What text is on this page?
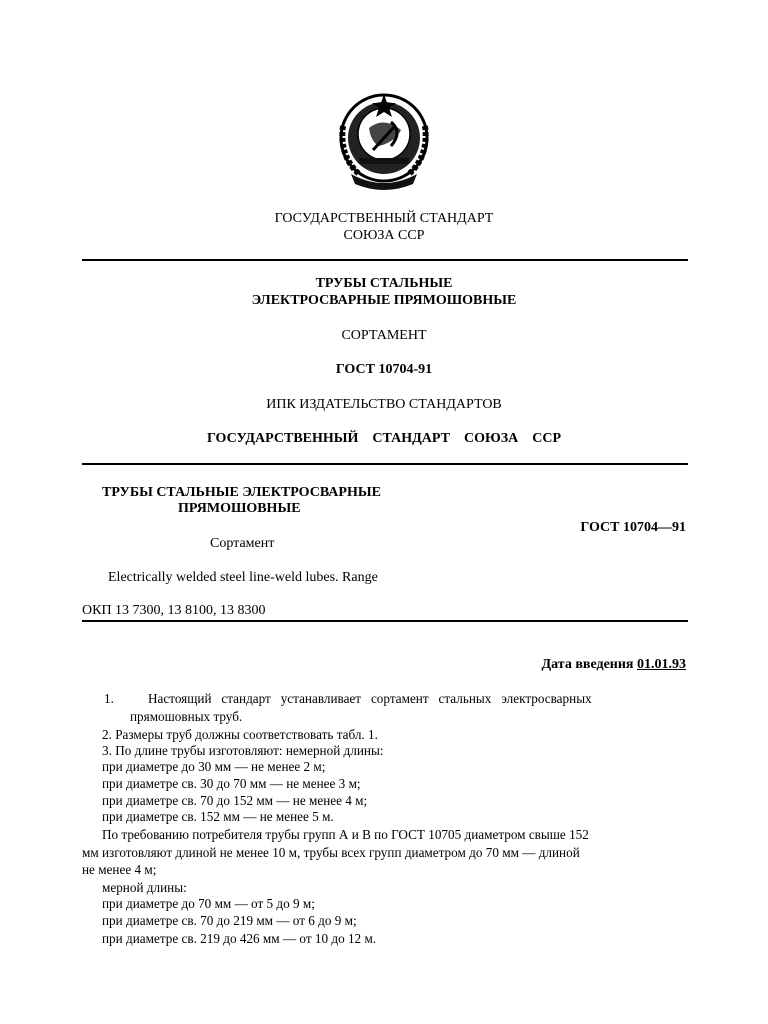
ГОСУДАРСТВЕННЫЙ СТАНДАРТ
СОЮЗА ССР
ТРУБЫ СТАЛЬНЫЕ
ЭЛЕКТРОСВАРНЫЕ ПРЯМОШОВНЫЕ
СОРТАМЕНТ
ГОСТ 10704-91
ИПК ИЗДАТЕЛЬСТВО СТАНДАРТОВ
ГОСУДАРСТВЕННЫЙ    СТАНДАРТ    СОЮЗА    ССР
ТРУБЫ СТАЛЬНЫЕ ЭЛЕКТРОСВАРНЫЕ
ПРЯМОШОВНЫЕ
ГОСТ 10704—91
Сортамент
Electrically welded steel line-weld lubes. Range
ОКП 13 7300, 13 8100, 13 8300
Дата введения 01.01.93
1.	Настоящий   стандарт   устанавливает   сортамент   стальных   электросварных
прямошовных труб.
2. Размеры труб должны соответствовать табл. 1.
3. По длине трубы изготовляют: немерной длины:
при диаметре до 30 мм — не менее 2 м;
при диаметре св. 30 до 70 мм — не менее 3 м;
при диаметре св. 70 до 152 мм — не менее 4 м;
при диаметре св. 152 мм — не менее 5 м.
По требованию потребителя трубы групп А и В по ГОСТ 10705 диаметром свыше 152
мм изготовляют длиной не менее 10 м, трубы всех групп диаметром до 70 мм — длиной
не менее 4 м;
мерной длины:
при диаметре до 70 мм — от 5 до 9 м;
при диаметре св. 70 до 219 мм — от 6 до 9 м;
при диаметре св. 219 до 426 мм — от 10 до 12 м.
